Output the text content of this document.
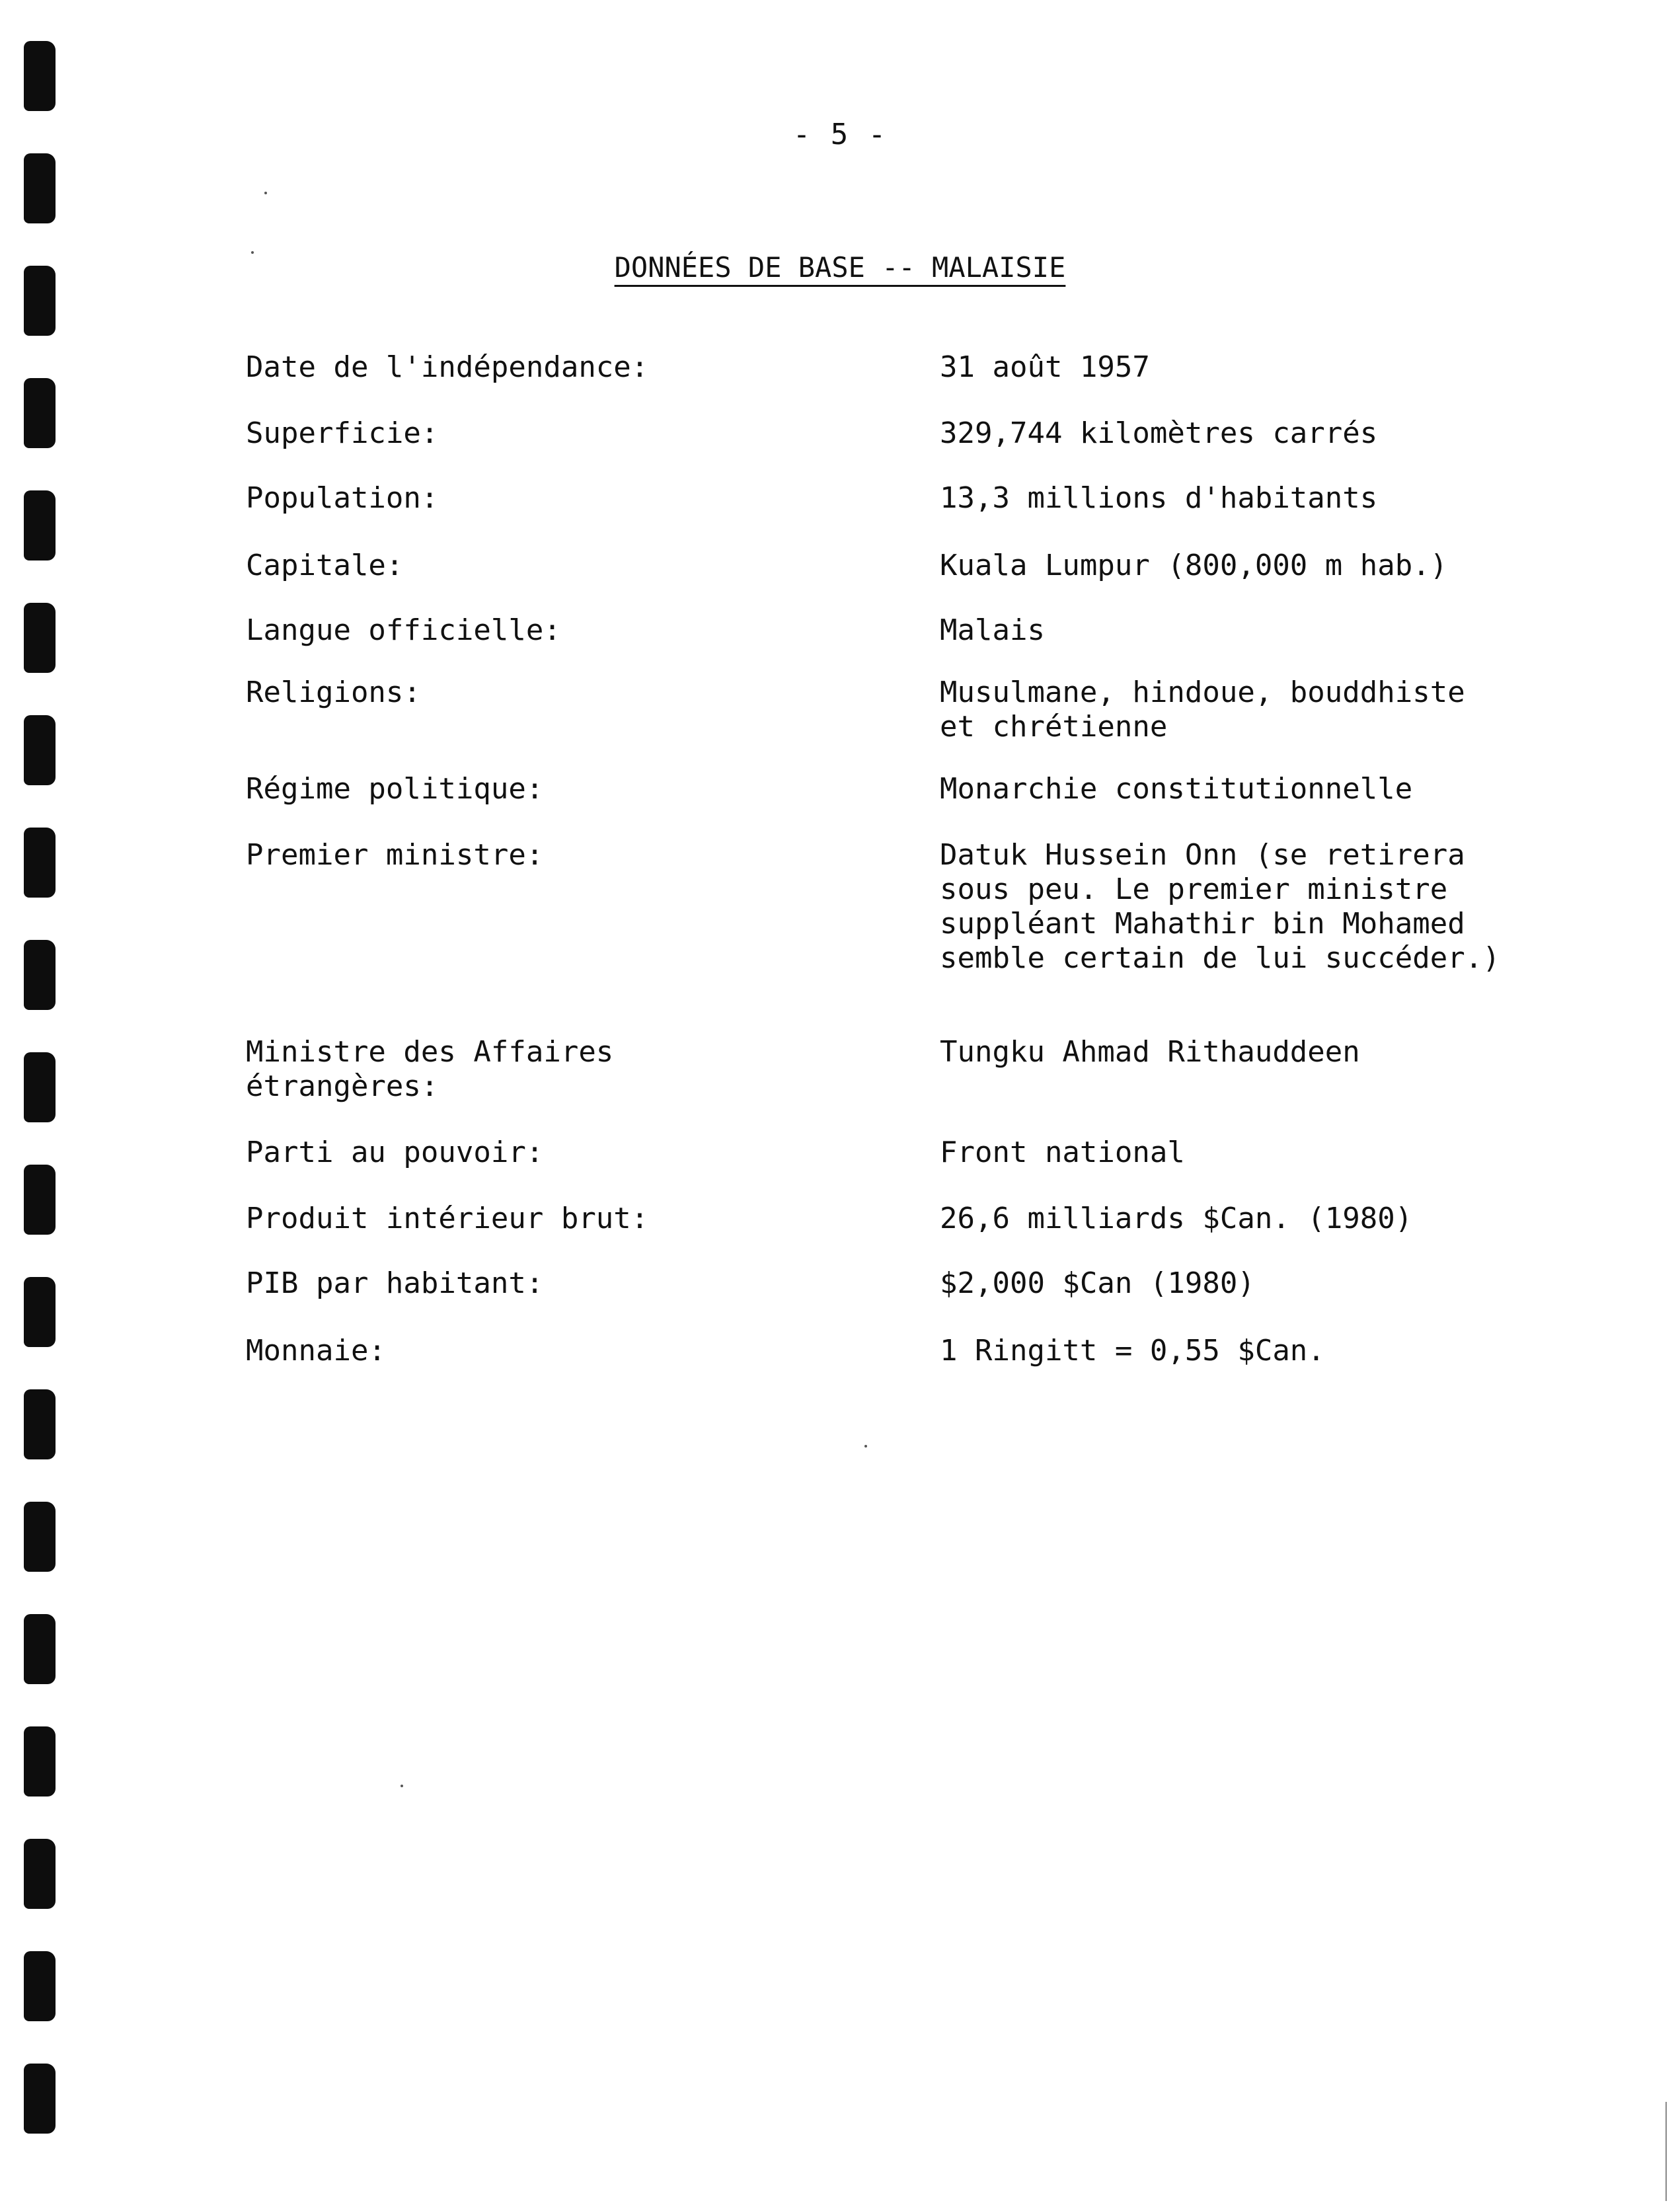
- 5 -
DONNÉES DE BASE -- MALAISIE
Date de l'indépendance:	31 août 1957
Superficie:	329,744 kilomètres carrés
Population:	13,3 millions d'habitants
Capitale:	Kuala Lumpur (800,000 m hab.)
Langue officielle:	Malais
Religions:	Musulmane, hindoue, bouddhiste
et chrétienne
Régime politique:	Monarchie constitutionnelle
Premier ministre:	Datuk Hussein Onn (se retirera
sous peu. Le premier ministre
suppléant Mahathir bin Mohamed
semble certain de lui succéder.)
Ministre des Affaires
étrangères:
Tungku Ahmad Rithauddeen
Parti au pouvoir:	Front national
Produit intérieur brut:	26,6 milliards $Can. (1980)
PIB par habitant:	$2,000 $Can (1980)
Monnaie:	1 Ringitt = 0,55 $Can.
